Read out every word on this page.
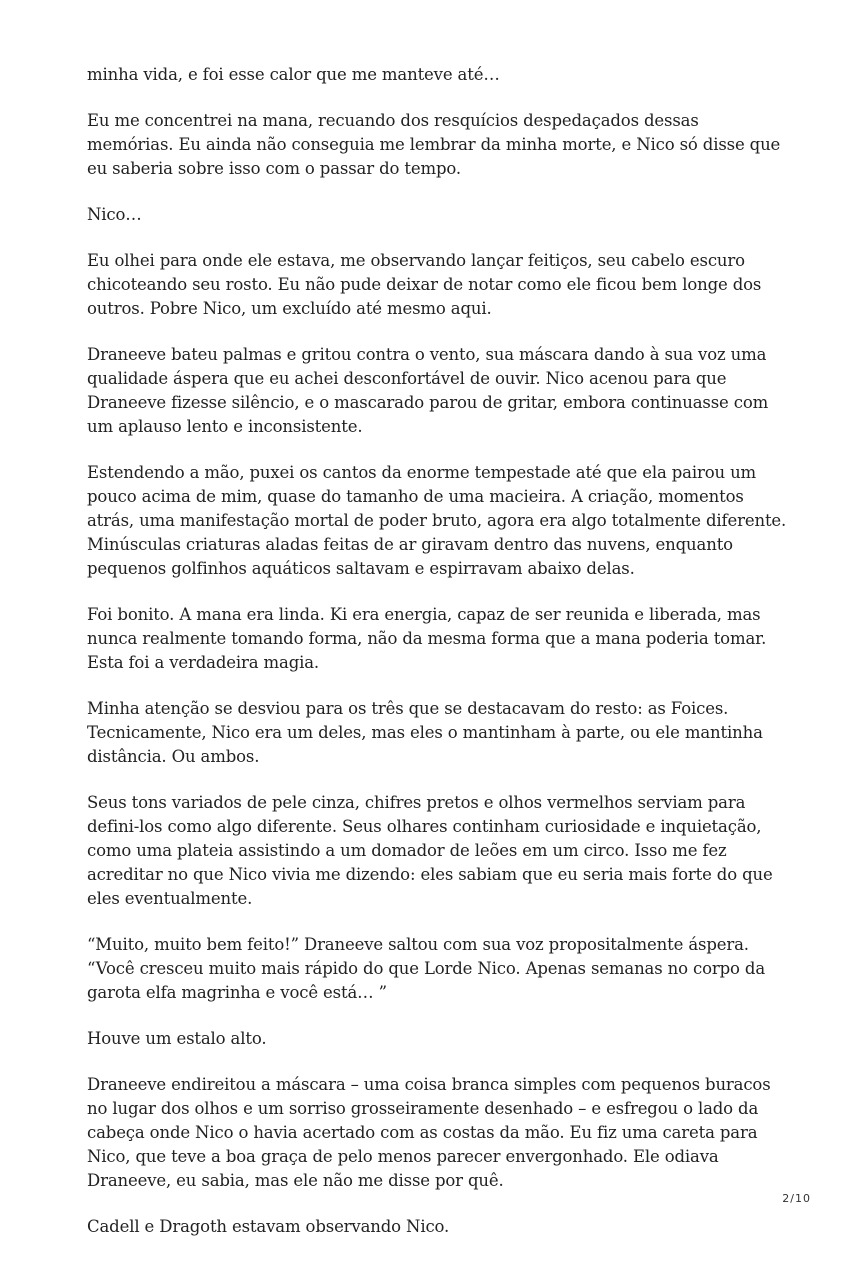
minha vida, e foi esse calor que me manteve até…

Eu me concentrei na mana, recuando dos resquícios despedaçados dessas memórias. Eu ainda não conseguia me lembrar da minha morte, e Nico só disse que eu saberia sobre isso com o passar do tempo.

Nico…

Eu olhei para onde ele estava, me observando lançar feitiços, seu cabelo escuro chicoteando seu rosto. Eu não pude deixar de notar como ele ficou bem longe dos outros. Pobre Nico, um excluído até mesmo aqui.

Draneeve bateu palmas e gritou contra o vento, sua máscara dando à sua voz uma qualidade áspera que eu achei desconfortável de ouvir. Nico acenou para que Draneeve fizesse silêncio, e o mascarado parou de gritar, embora continuasse com um aplauso lento e inconsistente.

Estendendo a mão, puxei os cantos da enorme tempestade até que ela pairou um pouco acima de mim, quase do tamanho de uma macieira. A criação, momentos atrás, uma manifestação mortal de poder bruto, agora era algo totalmente diferente. Minúsculas criaturas aladas feitas de ar giravam dentro das nuvens, enquanto pequenos golfinhos aquáticos saltavam e espirravam abaixo delas.

Foi bonito. A mana era linda. Ki era energia, capaz de ser reunida e liberada, mas nunca realmente tomando forma, não da mesma forma que a mana poderia tomar. Esta foi a verdadeira magia.

Minha atenção se desviou para os três que se destacavam do resto: as Foices. Tecnicamente, Nico era um deles, mas eles o mantinham à parte, ou ele mantinha distância. Ou ambos.

Seus tons variados de pele cinza, chifres pretos e olhos vermelhos serviam para defini-los como algo diferente. Seus olhares continham curiosidade e inquietação, como uma plateia assistindo a um domador de leões em um circo. Isso me fez acreditar no que Nico vivia me dizendo: eles sabiam que eu seria mais forte do que eles eventualmente.

“Muito, muito bem feito!” Draneeve saltou com sua voz propositalmente áspera. “Você cresceu muito mais rápido do que Lorde Nico. Apenas semanas no corpo da garota elfa magrinha e você está… ”

Houve um estalo alto.

Draneeve endireitou a máscara – uma coisa branca simples com pequenos buracos no lugar dos olhos e um sorriso grosseiramente desenhado – e esfregou o lado da cabeça onde Nico o havia acertado com as costas da mão. Eu fiz uma careta para Nico, que teve a boa graça de pelo menos parecer envergonhado. Ele odiava Draneeve, eu sabia, mas ele não me disse por quê.

Cadell e Dragoth estavam observando Nico.

2/10
